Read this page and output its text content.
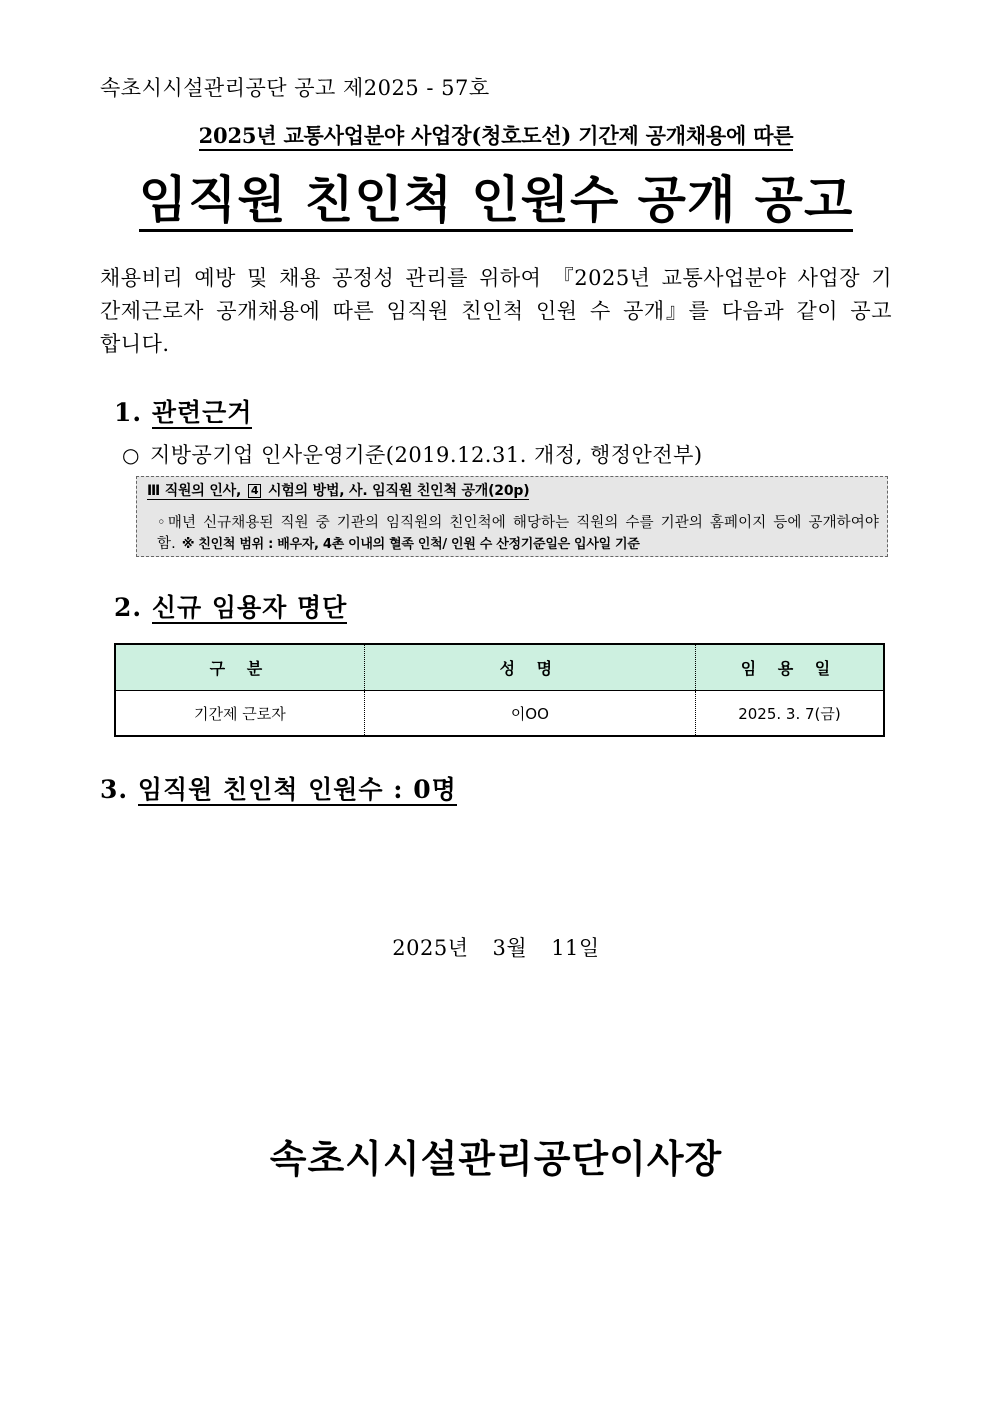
속초시시설관리공단 공고 제2025 - 57호
2025년 교통사업분야 사업장(청호도선) 기간제 공개채용에 따른
임직원 친인척 인원수 공개 공고
채용비리 예방 및 채용 공정성 관리를 위하여 『2025년 교통사업분야 사업장 기간제근로자 공개채용에 따른 임직원 친인척 인원 수 공개』를 다음과 같이 공고합니다.
1. 관련근거
○ 지방공기업 인사운영기준(2019.12.31. 개정, 행정안전부)
Ⅲ 직원의 인사, 4 시험의 방법, 사. 임직원 친인척 공개(20p)
◦매년 신규채용된 직원 중 기관의 임직원의 친인척에 해당하는 직원의 수를 기관의 홈페이지 등에 공개하여야 함. ※ 친인척 범위 : 배우자, 4촌 이내의 혈족 인척/ 인원 수 산정기준일은 입사일 기준
2. 신규 임용자 명단
구 분	성 명	임 용 일
기간제 근로자	이OO	2025. 3. 7(금)
3. 임직원 친인척 인원수 : 0명
2025년 3월 11일
속초시시설관리공단이사장
